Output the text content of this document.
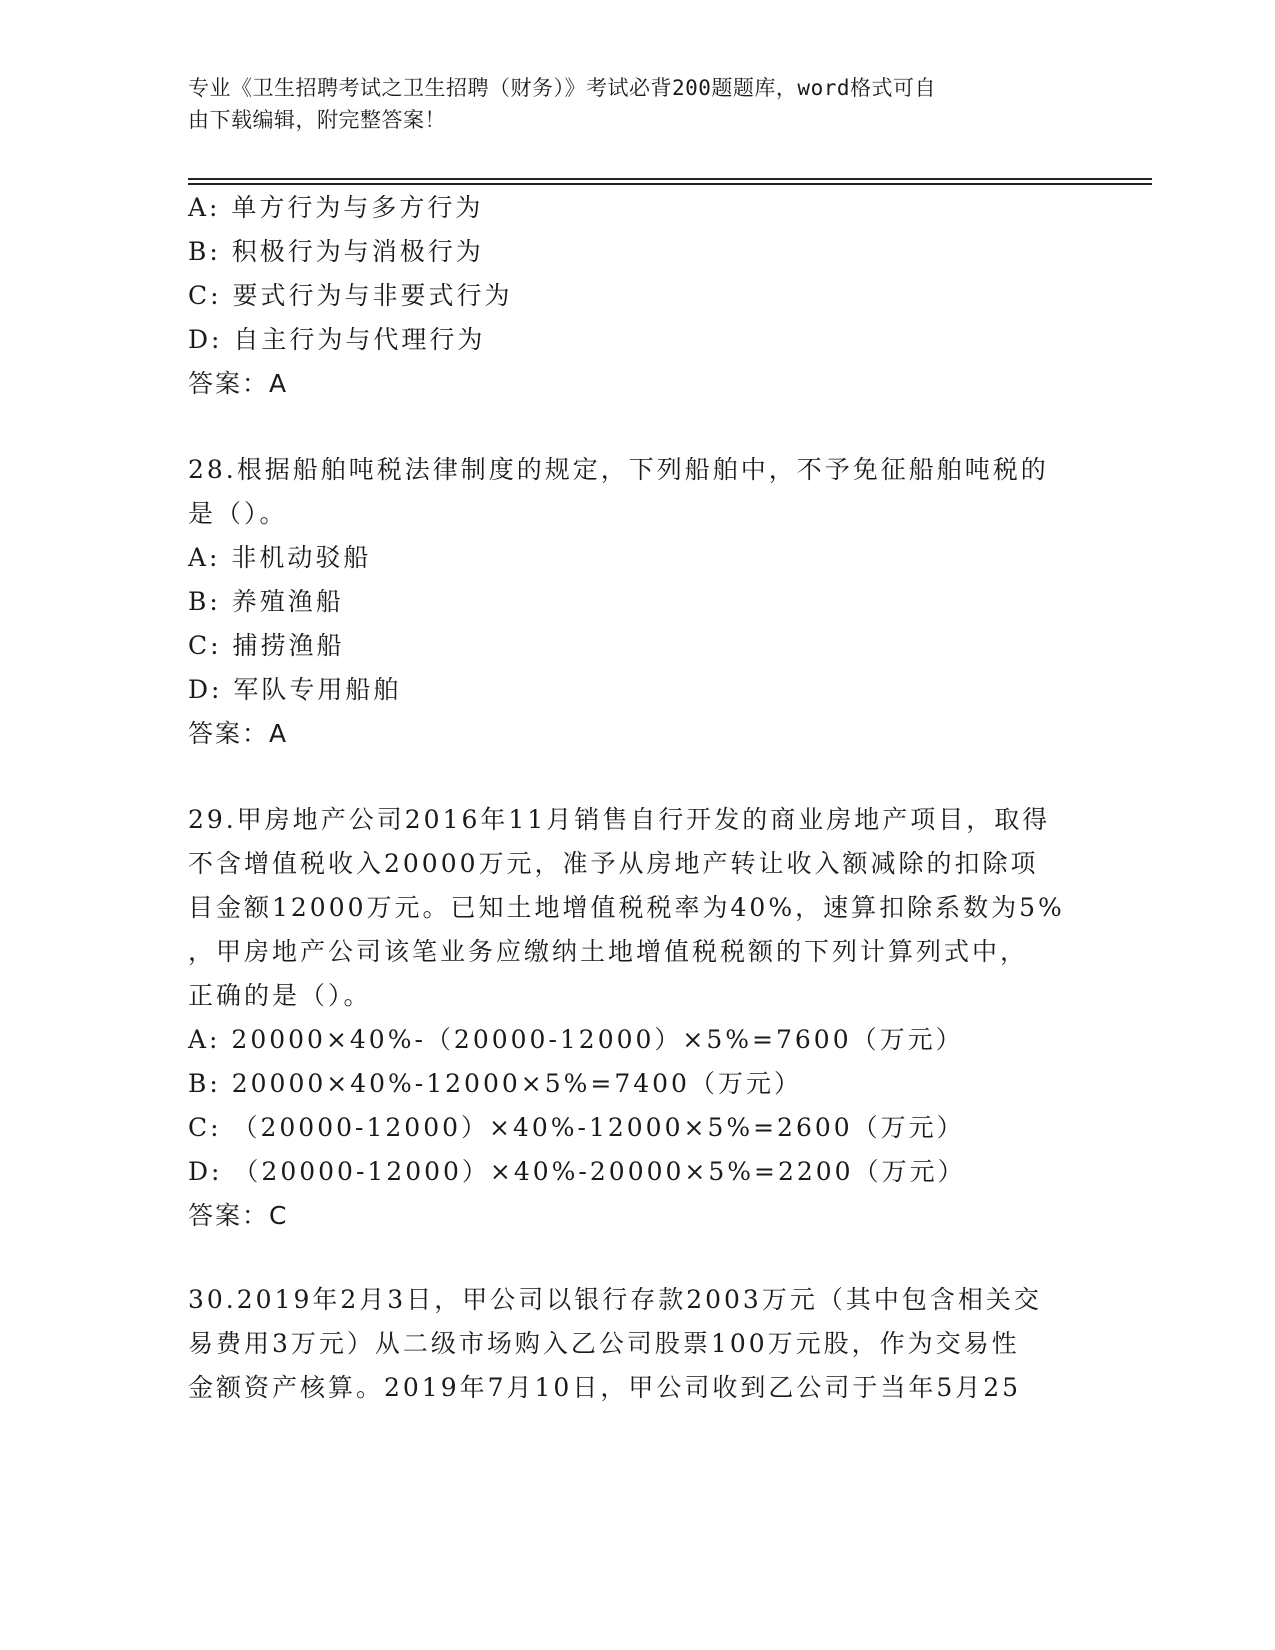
专业《卫生招聘考试之卫生招聘（财务）》考试必背200题题库，word格式可自
由下载编辑，附完整答案！
A: 单方行为与多方行为
B: 积极行为与消极行为
C: 要式行为与非要式行为
D: 自主行为与代理行为
答案：A
28.根据船舶吨税法律制度的规定，下列船舶中，不予免征船舶吨税的
是（）。
A: 非机动驳船
B: 养殖渔船
C: 捕捞渔船
D: 军队专用船舶
答案：A
29.甲房地产公司2016年11月销售自行开发的商业房地产项目，取得
不含增值税收入20000万元，准予从房地产转让收入额减除的扣除项
目金额12000万元。已知土地增值税税率为40%，速算扣除系数为5%
，甲房地产公司该笔业务应缴纳土地增值税税额的下列计算列式中，
正确的是（）。
A: 20000×40%-（20000-12000）×5%=7600（万元）
B: 20000×40%-12000×5%=7400（万元）
C: （20000-12000）×40%-12000×5%=2600（万元）
D: （20000-12000）×40%-20000×5%=2200（万元）
答案：C
30.2019年2月3日，甲公司以银行存款2003万元（其中包含相关交
易费用3万元）从二级市场购入乙公司股票100万元股，作为交易性
金额资产核算。2019年7月10日，甲公司收到乙公司于当年5月25
